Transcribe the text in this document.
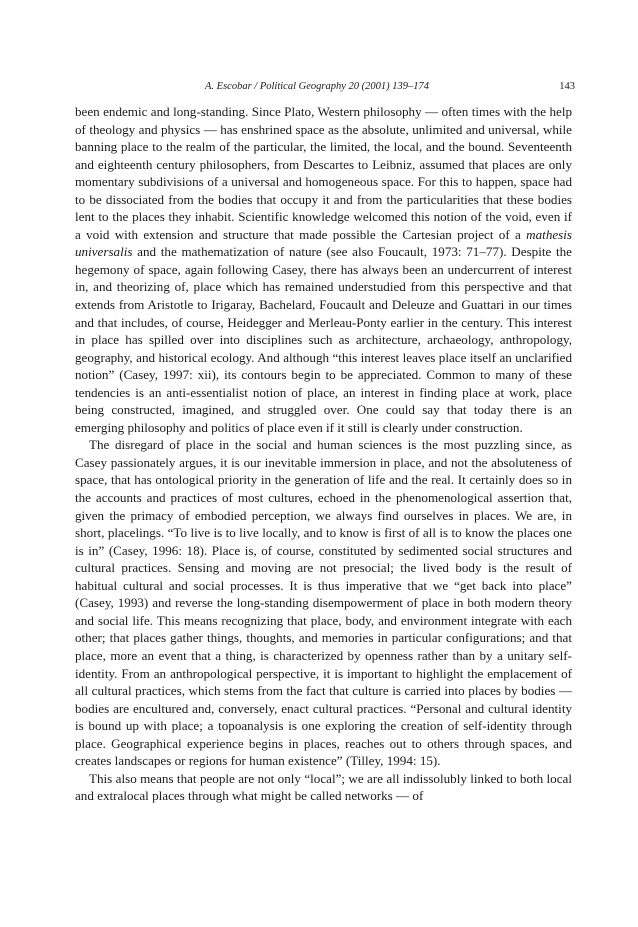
A. Escobar / Political Geography 20 (2001) 139–174	143

been endemic and long-standing. Since Plato, Western philosophy — often times with the help of theology and physics — has enshrined space as the absolute, unlimited and universal, while banning place to the realm of the particular, the limited, the local, and the bound. Seventeenth and eighteenth century philosophers, from Descartes to Leibniz, assumed that places are only momentary subdivisions of a universal and homogeneous space. For this to happen, space had to be dissociated from the bodies that occupy it and from the particularities that these bodies lent to the places they inhabit. Scientific knowledge welcomed this notion of the void, even if a void with extension and structure that made possible the Cartesian project of a mathesis universalis and the mathematization of nature (see also Foucault, 1973: 71–77). Despite the hegemony of space, again following Casey, there has always been an undercurrent of interest in, and theorizing of, place which has remained understudied from this perspective and that extends from Aristotle to Irigaray, Bachelard, Foucault and Deleuze and Guattari in our times and that includes, of course, Heidegger and Merleau-Ponty earlier in the century. This interest in place has spilled over into disciplines such as architecture, archaeology, anthropology, geography, and historical ecology. And although “this interest leaves place itself an unclarified notion” (Casey, 1997: xii), its contours begin to be appreciated. Common to many of these tendencies is an anti-essentialist notion of place, an interest in finding place at work, place being constructed, imagined, and struggled over. One could say that today there is an emerging philosophy and politics of place even if it still is clearly under construction.

The disregard of place in the social and human sciences is the most puzzling since, as Casey passionately argues, it is our inevitable immersion in place, and not the absoluteness of space, that has ontological priority in the generation of life and the real. It certainly does so in the accounts and practices of most cultures, echoed in the phenomenological assertion that, given the primacy of embodied perception, we always find ourselves in places. We are, in short, placelings. “To live is to live locally, and to know is first of all is to know the places one is in” (Casey, 1996: 18). Place is, of course, constituted by sedimented social structures and cultural practices. Sensing and moving are not presocial; the lived body is the result of habitual cultural and social processes. It is thus imperative that we “get back into place” (Casey, 1993) and reverse the long-standing disempowerment of place in both modern theory and social life. This means recognizing that place, body, and environment integrate with each other; that places gather things, thoughts, and memories in particular configurations; and that place, more an event that a thing, is characterized by openness rather than by a unitary self-identity. From an anthropological perspective, it is important to highlight the emplacement of all cultural practices, which stems from the fact that culture is carried into places by bodies — bodies are encultured and, conversely, enact cultural practices. “Personal and cultural identity is bound up with place; a topoanalysis is one exploring the creation of self-identity through place. Geographical experience begins in places, reaches out to others through spaces, and creates landscapes or regions for human existence” (Tilley, 1994: 15).

This also means that people are not only “local”; we are all indissolubly linked to both local and extralocal places through what might be called networks — of
